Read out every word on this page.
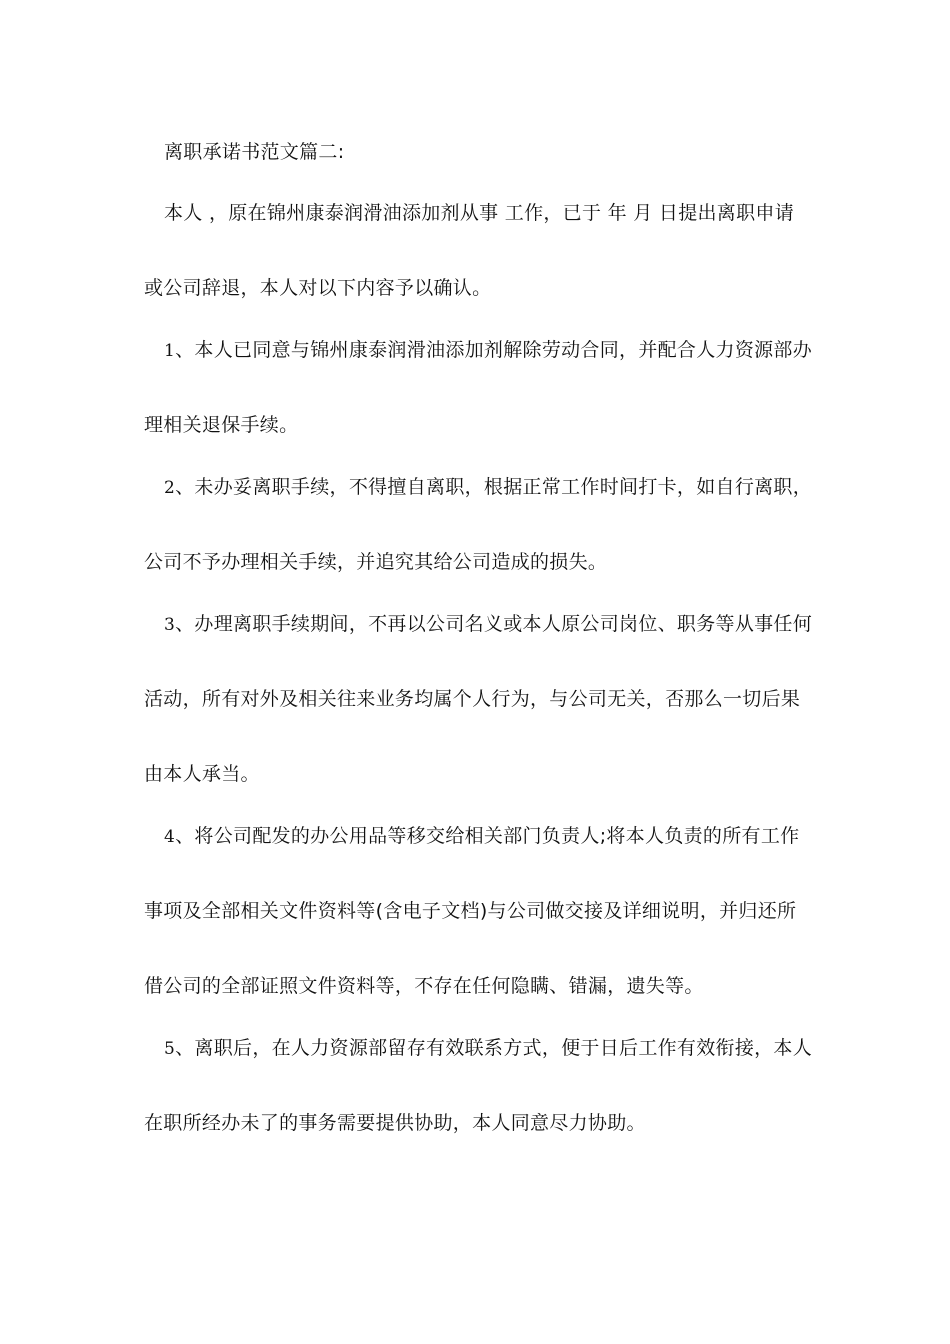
离职承诺书范文篇二:
本人 ，原在锦州康泰润滑油添加剂从事 工作，已于 年 月 日提出离职申请
或公司辞退，本人对以下内容予以确认。
1、本人已同意与锦州康泰润滑油添加剂解除劳动合同，并配合人力资源部办
理相关退保手续。
2、未办妥离职手续，不得擅自离职，根据正常工作时间打卡，如自行离职，
公司不予办理相关手续，并追究其给公司造成的损失。
3、办理离职手续期间，不再以公司名义或本人原公司岗位、职务等从事任何
活动，所有对外及相关往来业务均属个人行为，与公司无关，否那么一切后果
由本人承当。
4、将公司配发的办公用品等移交给相关部门负责人;将本人负责的所有工作
事项及全部相关文件资料等(含电子文档)与公司做交接及详细说明，并归还所
借公司的全部证照文件资料等，不存在任何隐瞒、错漏，遗失等。
5、离职后，在人力资源部留存有效联系方式，便于日后工作有效衔接，本人
在职所经办未了的事务需要提供协助，本人同意尽力协助。
